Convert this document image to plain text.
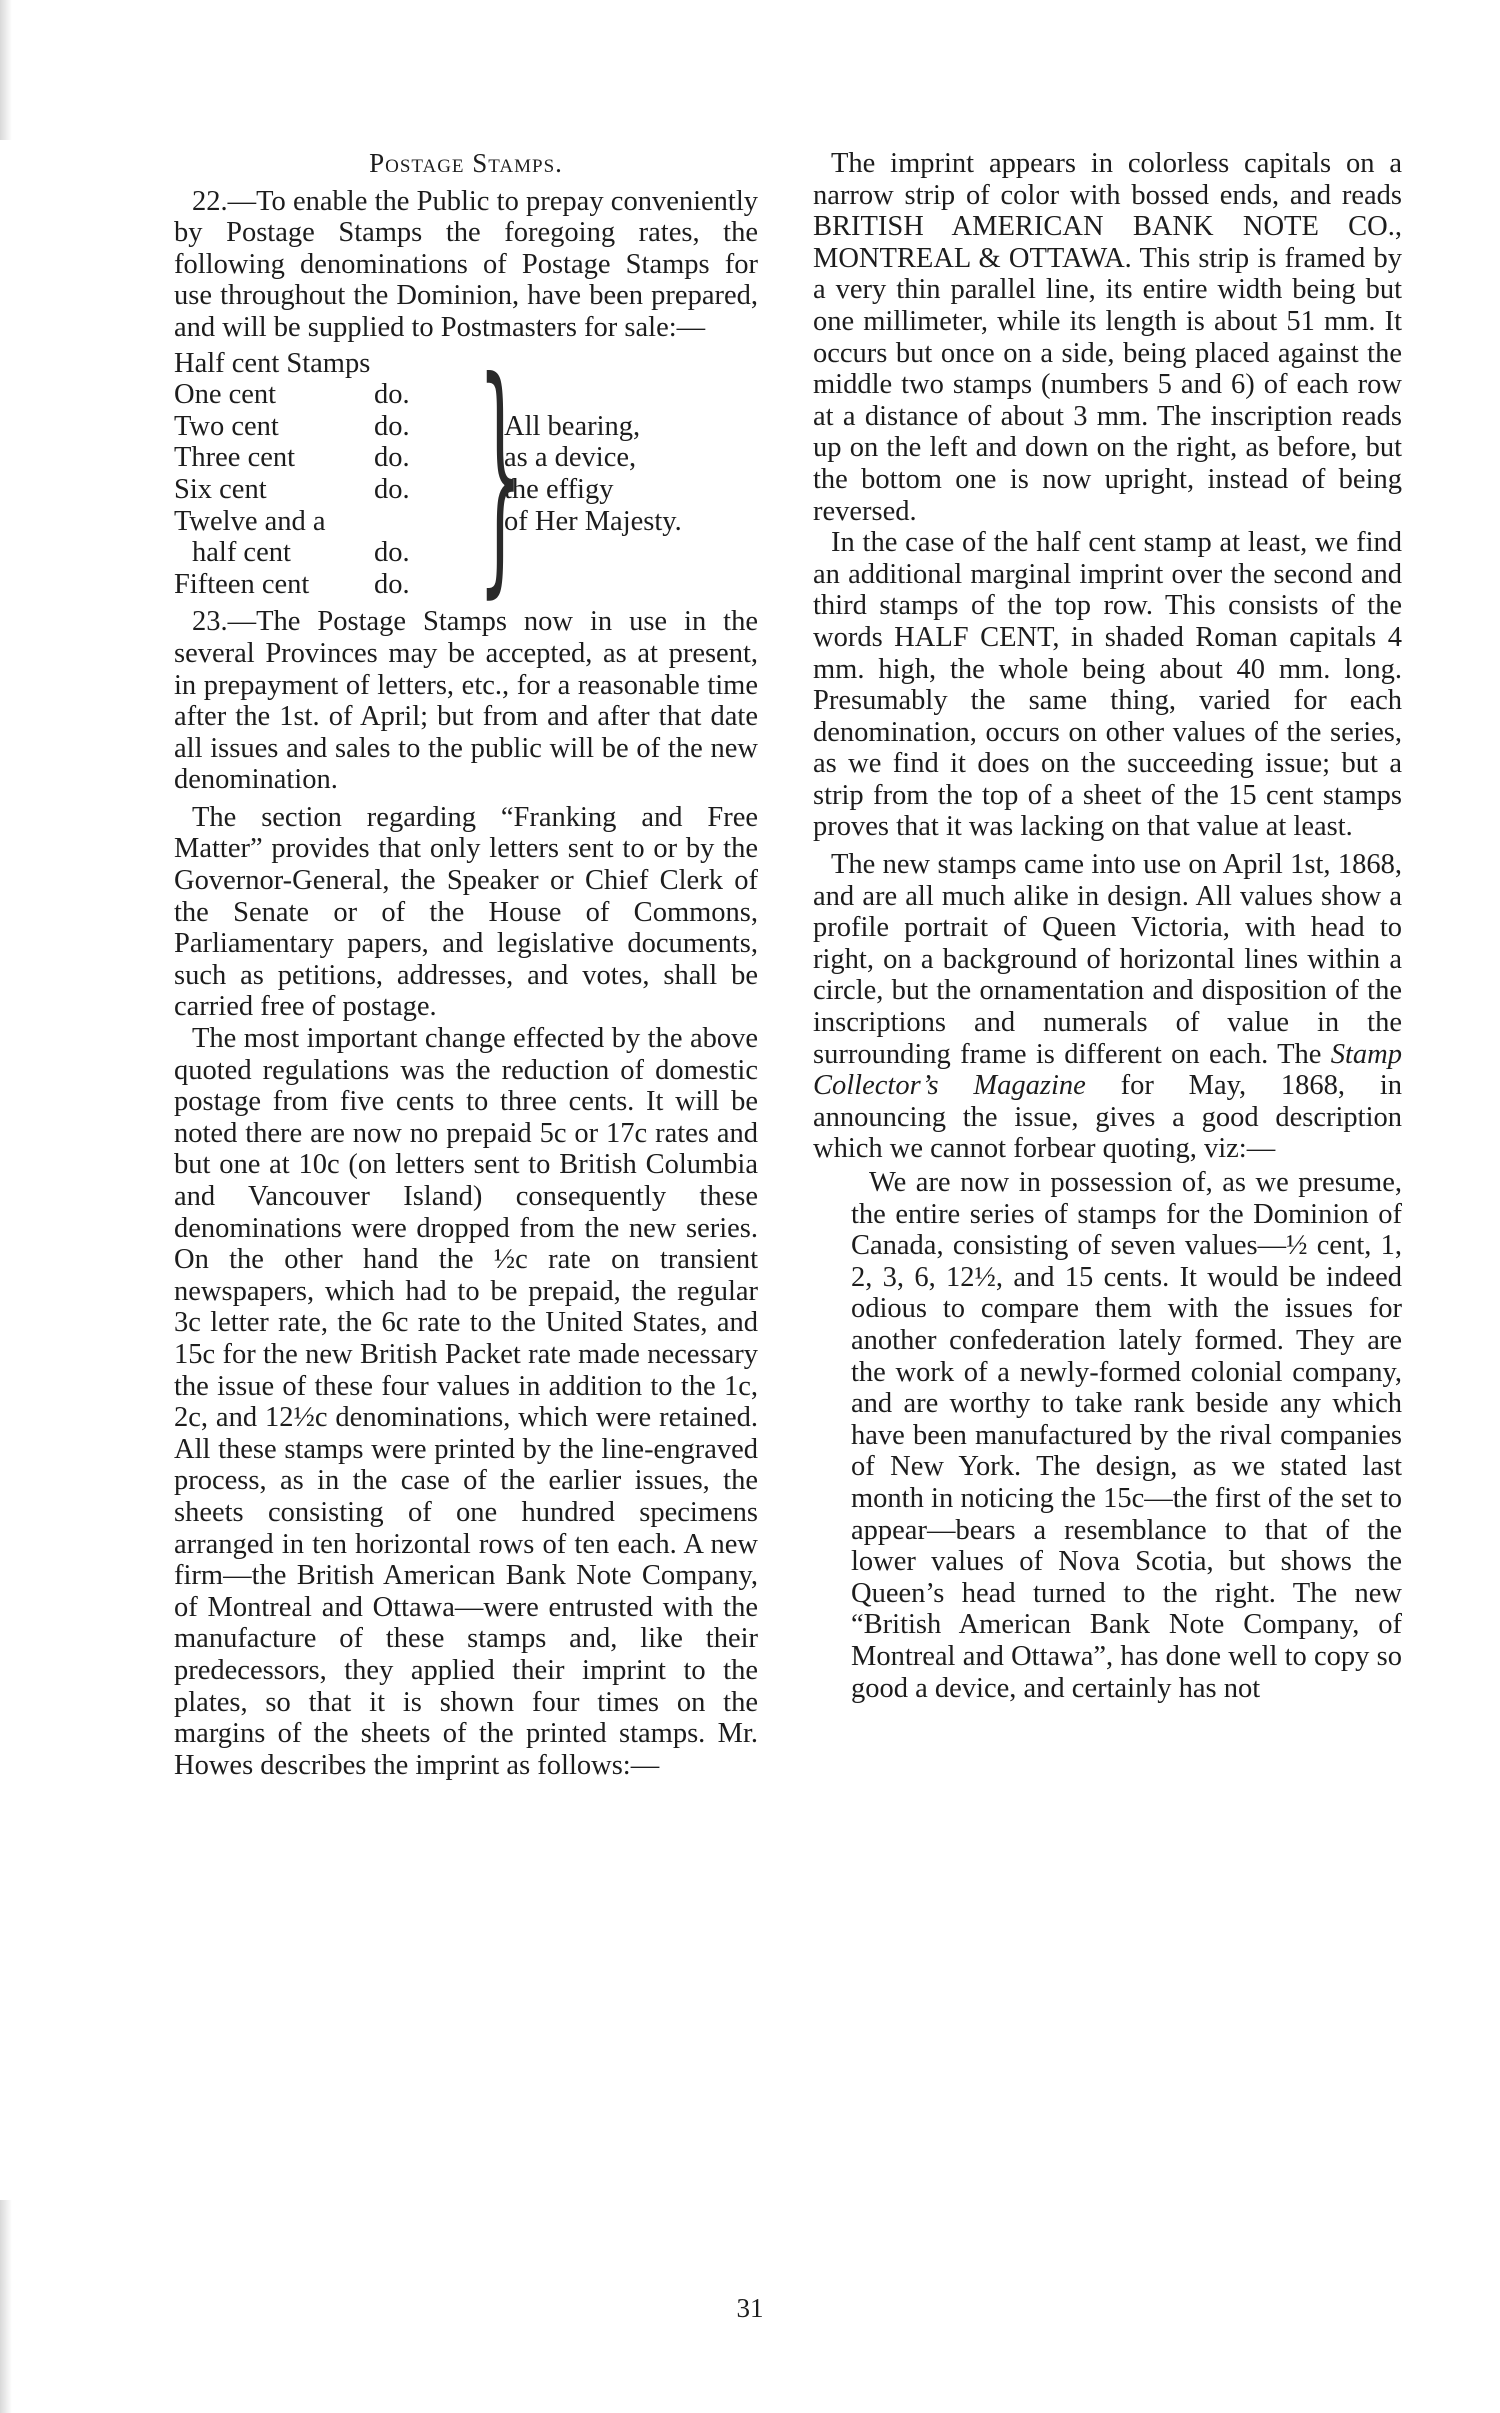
Postage Stamps.

22.—To enable the Public to prepay conveniently by Postage Stamps the foregoing rates, the following denominations of Postage Stamps for use throughout the Dominion, have been prepared, and will be supplied to Postmasters for sale:—

Half cent Stamps
One cent	do.
Two cent	do.
Three cent	do.
Six cent	do.
Twelve and a
half cent	do.
Fifteen cent	do. }
All bearing,
as a device,
the effigy
of Her Majesty.

23.—The Postage Stamps now in use in the several Provinces may be accepted, as at present, in prepayment of letters, etc., for a reasonable time after the 1st. of April; but from and after that date all issues and sales to the public will be of the new denomination.

The section regarding “Franking and Free Matter” provides that only letters sent to or by the Governor-General, the Speaker or Chief Clerk of the Senate or of the House of Commons, Parliamentary papers, and legislative documents, such as petitions, addresses, and votes, shall be carried free of postage.

The most important change effected by the above quoted regulations was the reduction of domestic postage from five cents to three cents. It will be noted there are now no prepaid 5c or 17c rates and but one at 10c (on letters sent to British Columbia and Vancouver Island) consequently these denominations were dropped from the new series. On the other hand the ½c rate on transient newspapers, which had to be prepaid, the regular 3c letter rate, the 6c rate to the United States, and 15c for the new British Packet rate made necessary the issue of these four values in addition to the 1c, 2c, and 12½c denominations, which were retained. All these stamps were printed by the line-engraved process, as in the case of the earlier issues, the sheets consisting of one hundred specimens arranged in ten horizontal rows of ten each. A new firm—the British American Bank Note Company, of Montreal and Ottawa—were entrusted with the manufacture of these stamps and, like their predecessors, they applied their imprint to the plates, so that it is shown four times on the margins of the sheets of the printed stamps. Mr. Howes describes the imprint as follows:—

The imprint appears in colorless capitals on a narrow strip of color with bossed ends, and reads BRITISH AMERICAN BANK NOTE CO., MONTREAL & OTTAWA. This strip is framed by a very thin parallel line, its entire width being but one millimeter, while its length is about 51 mm. It occurs but once on a side, being placed against the middle two stamps (numbers 5 and 6) of each row at a distance of about 3 mm. The inscription reads up on the left and down on the right, as before, but the bottom one is now upright, instead of being reversed.

In the case of the half cent stamp at least, we find an additional marginal imprint over the second and third stamps of the top row. This consists of the words HALF CENT, in shaded Roman capitals 4 mm. high, the whole being about 40 mm. long. Presumably the same thing, varied for each denomination, occurs on other values of the series, as we find it does on the succeeding issue; but a strip from the top of a sheet of the 15 cent stamps proves that it was lacking on that value at least.

The new stamps came into use on April 1st, 1868, and are all much alike in design. All values show a profile portrait of Queen Victoria, with head to right, on a background of horizontal lines within a circle, but the ornamentation and disposition of the inscriptions and numerals of value in the surrounding frame is different on each. The Stamp Collector’s Magazine for May, 1868, in announcing the issue, gives a good description which we cannot forbear quoting, viz:—

We are now in possession of, as we presume, the entire series of stamps for the Dominion of Canada, consisting of seven values—½ cent, 1, 2, 3, 6, 12½, and 15 cents. It would be indeed odious to compare them with the issues for another confederation lately formed. They are the work of a newly-formed colonial company, and are worthy to take rank beside any which have been manufactured by the rival companies of New York. The design, as we stated last month in noticing the 15c—the first of the set to appear—bears a resemblance to that of the lower values of Nova Scotia, but shows the Queen’s head turned to the right. The new “British American Bank Note Company, of Montreal and Ottawa”, has done well to copy so good a device, and certainly has not

31
